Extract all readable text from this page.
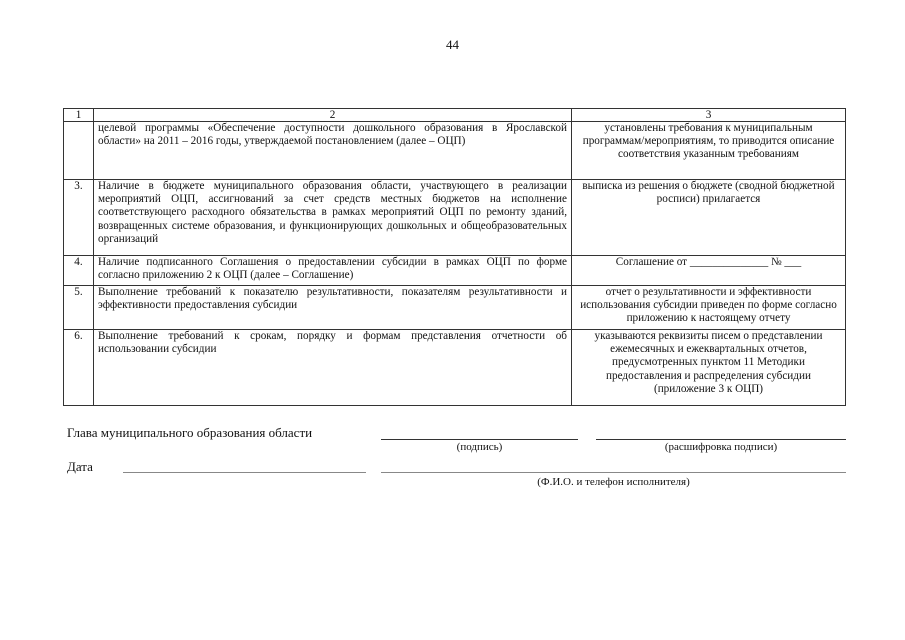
44
1	2	3
	целевой программы «Обеспечение доступности дошкольного образования в Ярославской области» на 2011 – 2016 годы, утверждаемой постановлением (далее – ОЦП)	установлены требования к муниципальным программам/мероприятиям, то приводится описание соответствия указанным требованиям
3.	Наличие в бюджете муниципального образования области, участвующего в реализации мероприятий ОЦП, ассигнований за счет средств местных бюджетов на исполнение соответствующего расходного обязательства в рамках мероприятий ОЦП по ремонту зданий, возвращенных системе образования, и функционирующих дошкольных и общеобразовательных организаций	выписка из решения о бюджете (сводной бюджетной росписи) прилагается
4.	Наличие подписанного Соглашения о предоставлении субсидии в рамках ОЦП по форме согласно приложению 2 к ОЦП (далее – Соглашение)	Соглашение от ______________ № ___
5.	Выполнение требований к показателю результативности, показателям результативности и эффективности предоставления субсидии	отчет о результативности и эффективности использования субсидии приведен по форме согласно приложению к настоящему отчету
6.	Выполнение требований к срокам, порядку и формам представления отчетности об использовании субсидии	указываются реквизиты писем о представлении ежемесячных и ежеквартальных отчетов, предусмотренных пунктом 11 Методики предоставления и распределения субсидии (приложение 3 к ОЦП)
Глава муниципального образования области
(подпись)	(расшифровка подписи)
Дата
(Ф.И.О. и телефон исполнителя)
